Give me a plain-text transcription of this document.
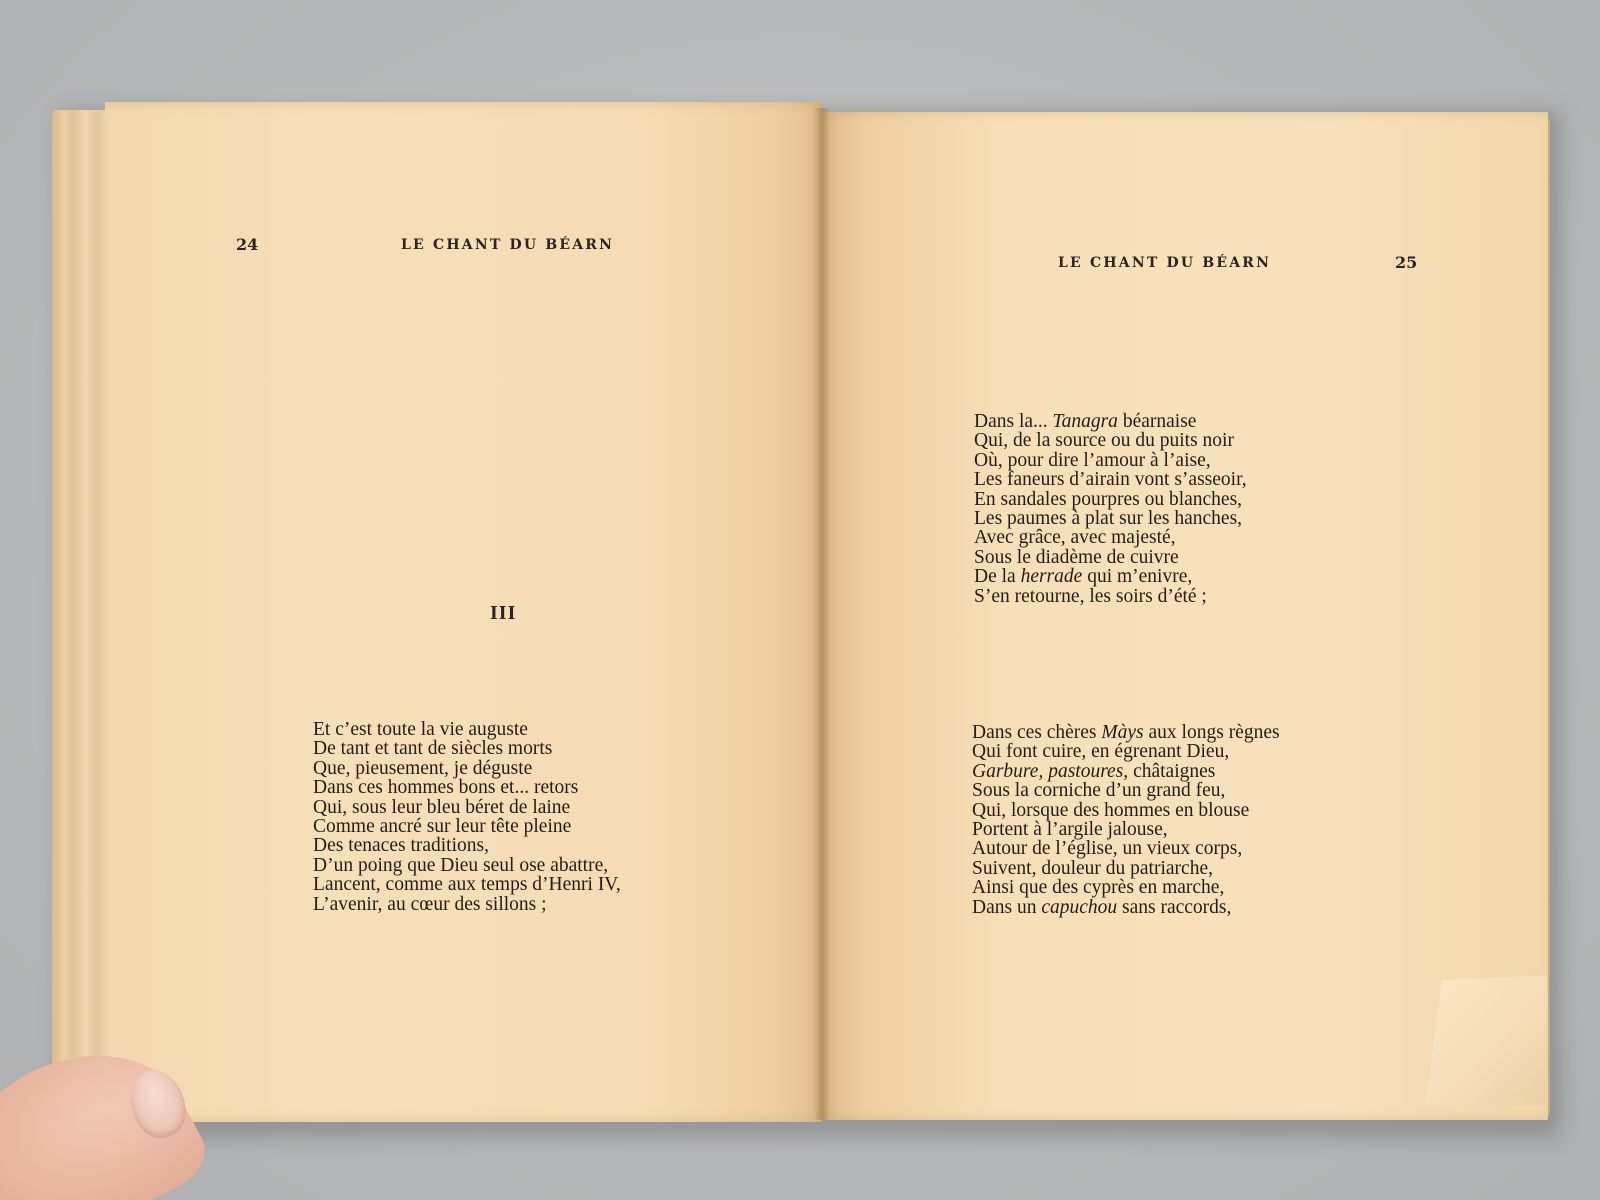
24	LE CHANT DU BÉARN
III
Et c’est toute la vie auguste
De tant et tant de siècles morts
Que, pieusement, je déguste
Dans ces hommes bons et... retors
Qui, sous leur bleu béret de laine
Comme ancré sur leur tête pleine
Des tenaces traditions,
D’un poing que Dieu seul ose abattre,
Lancent, comme aux temps d’Henri IV,
L’avenir, au cœur des sillons ;
LE CHANT DU BÉARN	25
Dans la... Tanagra béarnaise
Qui, de la source ou du puits noir
Où, pour dire l’amour à l’aise,
Les faneurs d’airain vont s’asseoir,
En sandales pourpres ou blanches,
Les paumes à plat sur les hanches,
Avec grâce, avec majesté,
Sous le diadème de cuivre
De la herrade qui m’enivre,
S’en retourne, les soirs d’été ;
Dans ces chères Màys aux longs règnes
Qui font cuire, en égrenant Dieu,
Garbure, pastoures, châtaignes
Sous la corniche d’un grand feu,
Qui, lorsque des hommes en blouse
Portent à l’argile jalouse,
Autour de l’église, un vieux corps,
Suivent, douleur du patriarche,
Ainsi que des cyprès en marche,
Dans un capuchou sans raccords,
